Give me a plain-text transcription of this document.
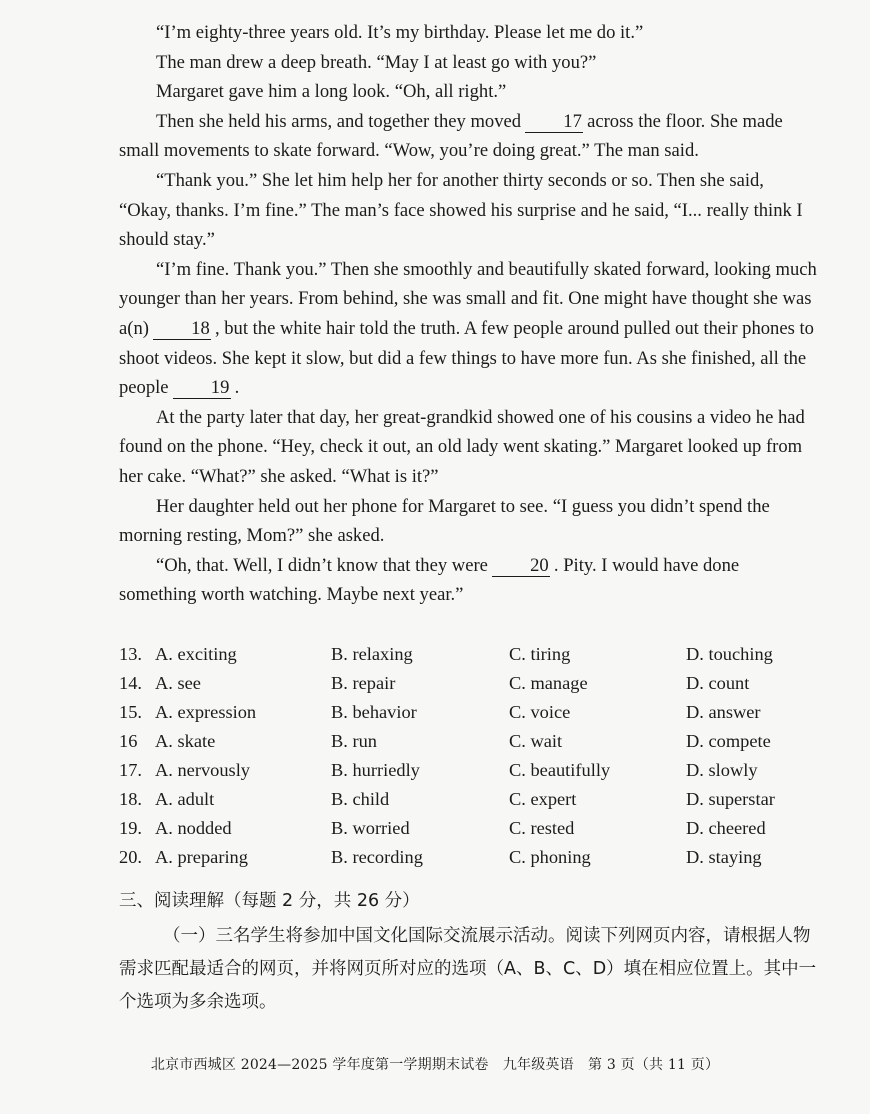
“I’m eighty-three years old. It’s my birthday. Please let me do it.”

The man drew a deep breath. “May I at least go with you?”

Margaret gave him a long look. “Oh, all right.”

Then she held his arms, and together they moved 17 across the floor. She made small movements to skate forward. “Wow, you’re doing great.” The man said.

“Thank you.” She let him help her for another thirty seconds or so. Then she said, “Okay, thanks. I’m fine.” The man’s face showed his surprise and he said, “I... really think I should stay.”

“I’m fine. Thank you.” Then she smoothly and beautifully skated forward, looking much younger than her years. From behind, she was small and fit. One might have thought she was a(n) 18 , but the white hair told the truth. A few people around pulled out their phones to shoot videos. She kept it slow, but did a few things to have more fun. As she finished, all the people 19 .

At the party later that day, her great-grandkid showed one of his cousins a video he had found on the phone. “Hey, check it out, an old lady went skating.” Margaret looked up from her cake. “What?” she asked. “What is it?”

Her daughter held out her phone for Margaret to see. “I guess you didn’t spend the morning resting, Mom?” she asked.

“Oh, that. Well, I didn’t know that they were 20 . Pity. I would have done something worth watching. Maybe next year.”

13. A. exciting	B. relaxing	C. tiring	D. touching
14. A. see	B. repair	C. manage	D. count
15. A. expression	B. behavior	C. voice	D. answer
16 A. skate	B. run	C. wait	D. compete
17. A. nervously	B. hurriedly	C. beautifully	D. slowly
18. A. adult	B. child	C. expert	D. superstar
19. A. nodded	B. worried	C. rested	D. cheered
20. A. preparing	B. recording	C. phoning	D. staying
三、阅读理解（每题 2 分，共 26 分）

（一）三名学生将参加中国文化国际交流展示活动。阅读下列网页内容，请根据人物需求匹配最适合的网页，并将网页所对应的选项（A、B、C、D）填在相应位置上。其中一个选项为多余选项。

北京市西城区 2024—2025 学年度第一学期期末试卷　九年级英语　第 3 页（共 11 页）
